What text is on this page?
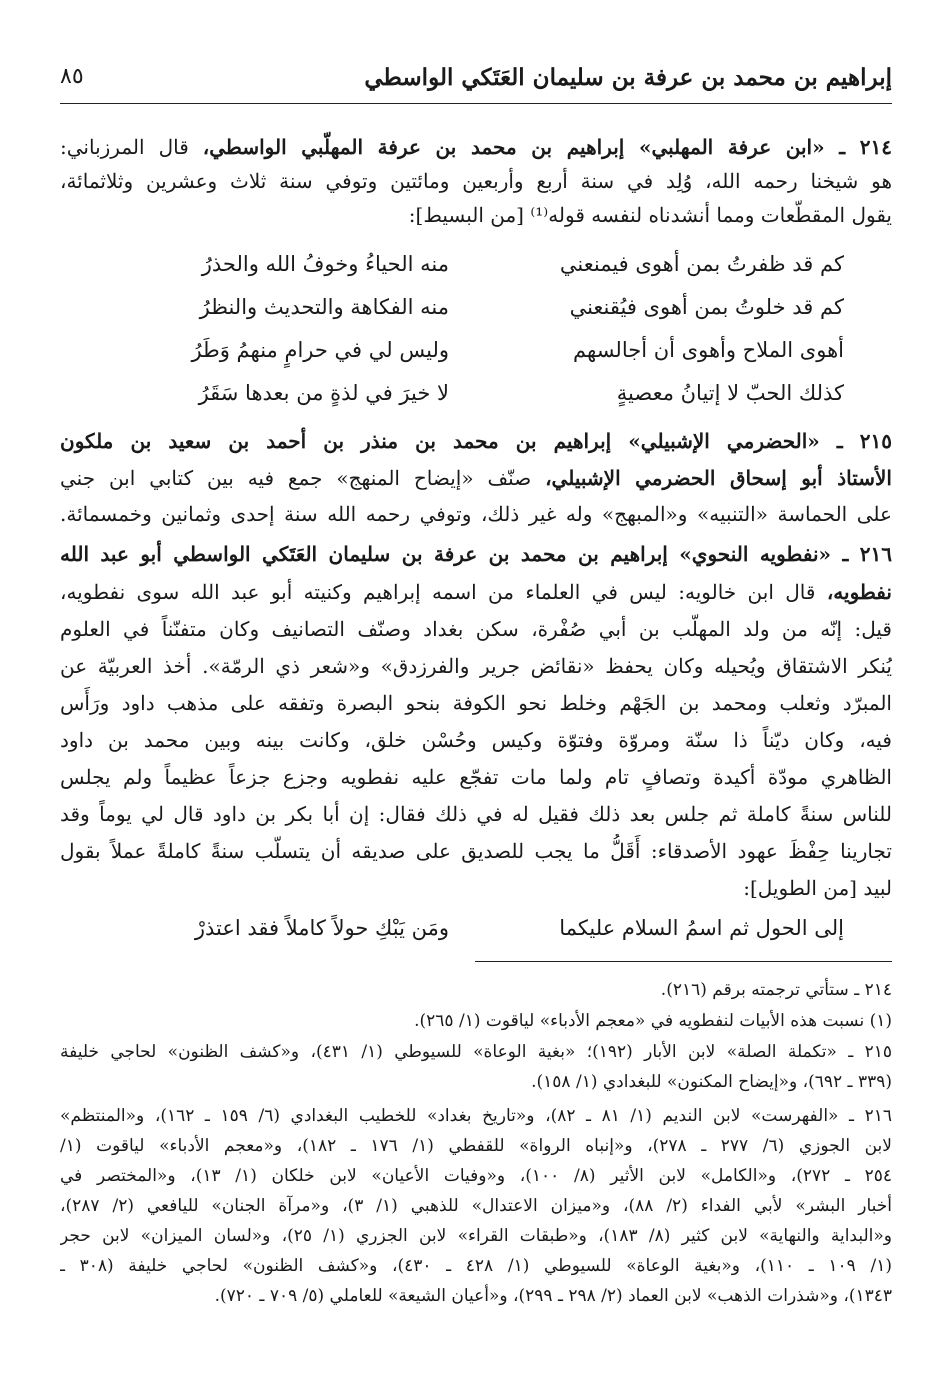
إبراهيم بن محمد بن عرفة بن سليمان العَتَكي الواسطي
٨٥
٢١٤ ـ «ابن عرفة المهلبي» إبراهيم بن محمد بن عرفة المهلّبي الواسطي، قال المرزباني:
هو شيخنا رحمه الله، وُلِد في سنة أربع وأربعين ومائتين وتوفي سنة ثلاث وعشرين وثلاثمائة،
يقول المقطّعات ومما أنشدناه لنفسه قوله⁽¹⁾ [من البسيط]:
كم قد ظفرتُ بمن أهوى فيمنعني
منه الحياءُ وخوفُ الله والحذرُ
كم قد خلوتُ بمن أهوى فيُقنعني
منه الفكاهة والتحديث والنظرُ
أهوى الملاح وأهوى أن أجالسهم
وليس لي في حرامٍ منهمُ وَطَرُ
كذلك الحبّ لا إتيانُ معصيةٍ
لا خيرَ في لذةٍ من بعدها سَقَرُ
٢١٥ ـ «الحضرمي الإشبيلي» إبراهيم بن محمد بن منذر بن أحمد بن سعيد بن ملكون
الأستاذ أبو إسحاق الحضرمي الإشبيلي، صنّف «إيضاح المنهج» جمع فيه بين كتابي ابن جني
على الحماسة «التنبيه» و«المبهج» وله غير ذلك، وتوفي رحمه الله سنة إحدى وثمانين وخمسمائة.
٢١٦ ـ «نفطويه النحوي» إبراهيم بن محمد بن عرفة بن سليمان العَتَكي الواسطي أبو عبد الله
نفطويه، قال ابن خالويه: ليس في العلماء من اسمه إبراهيم وكنيته أبو عبد الله سوى نفطويه،
قيل: إنّه من ولد المهلّب بن أبي صُفْرة، سكن بغداد وصنّف التصانيف وكان متفنّناً في العلوم
يُنكر الاشتقاق ويُحيله وكان يحفظ «نقائض جرير والفرزدق» و«شعر ذي الرمّة». أخذ العربيّة عن
المبرّد وثعلب ومحمد بن الجَهْم وخلط نحو الكوفة بنحو البصرة وتفقه على مذهب داود ورَأَس
فيه، وكان ديّناً ذا سنّة ومروّة وفتوّة وكيس وحُسْن خلق، وكانت بينه وبين محمد بن داود
الظاهري مودّة أكيدة وتصافٍ تام ولما مات تفجّع عليه نفطويه وجزع جزعاً عظيماً ولم يجلس
للناس سنةً كاملة ثم جلس بعد ذلك فقيل له في ذلك فقال: إن أبا بكر بن داود قال لي يوماً وقد
تجارينا حِفْظَ عهود الأصدقاء: أَقَلُّ ما يجب للصديق على صديقه أن يتسلّب سنةً كاملةً عملاً بقول
لبيد [من الطويل]:
إلى الحول ثم اسمُ السلام عليكما
ومَن يَبْكِ حولاً كاملاً فقد اعتذرْ
٢١٤ ـ ستأتي ترجمته برقم (٢١٦).
(١) نسبت هذه الأبيات لنفطويه في «معجم الأدباء» لياقوت (١/ ٢٦٥).
٢١٥ ـ «تكملة الصلة» لابن الأبار (١٩٢)؛ «بغية الوعاة» للسيوطي (١/ ٤٣١)، و«كشف الظنون» لحاجي خليفة
(٣٣٩ ـ ٦٩٢)، و«إيضاح المكنون» للبغدادي (١/ ١٥٨).
٢١٦ ـ «الفهرست» لابن النديم (١/ ٨١ ـ ٨٢)، و«تاريخ بغداد» للخطيب البغدادي (٦/ ١٥٩ ـ ١٦٢)، و«المنتظم»
لابن الجوزي (٦/ ٢٧٧ ـ ٢٧٨)، و«إنباه الرواة» للقفطي (١/ ١٧٦ ـ ١٨٢)، و«معجم الأدباء» لياقوت (١/
٢٥٤ ـ ٢٧٢)، و«الكامل» لابن الأثير (٨/ ١٠٠)، و«وفيات الأعيان» لابن خلكان (١/ ١٣)، و«المختصر في
أخبار البشر» لأبي الفداء (٢/ ٨٨)، و«ميزان الاعتدال» للذهبي (١/ ٣)، و«مرآة الجنان» لليافعي (٢/ ٢٨٧)،
و«البداية والنهاية» لابن كثير (٨/ ١٨٣)، و«طبقات القراء» لابن الجزري (١/ ٢٥)، و«لسان الميزان» لابن حجر
(١/ ١٠٩ ـ ١١٠)، و«بغية الوعاة» للسيوطي (١/ ٤٢٨ ـ ٤٣٠)، و«كشف الظنون» لحاجي خليفة (٣٠٨ ـ
١٣٤٣)، و«شذرات الذهب» لابن العماد (٢/ ٢٩٨ ـ ٢٩٩)، و«أعيان الشيعة» للعاملي (٥/ ٧٠٩ ـ ٧٢٠).
